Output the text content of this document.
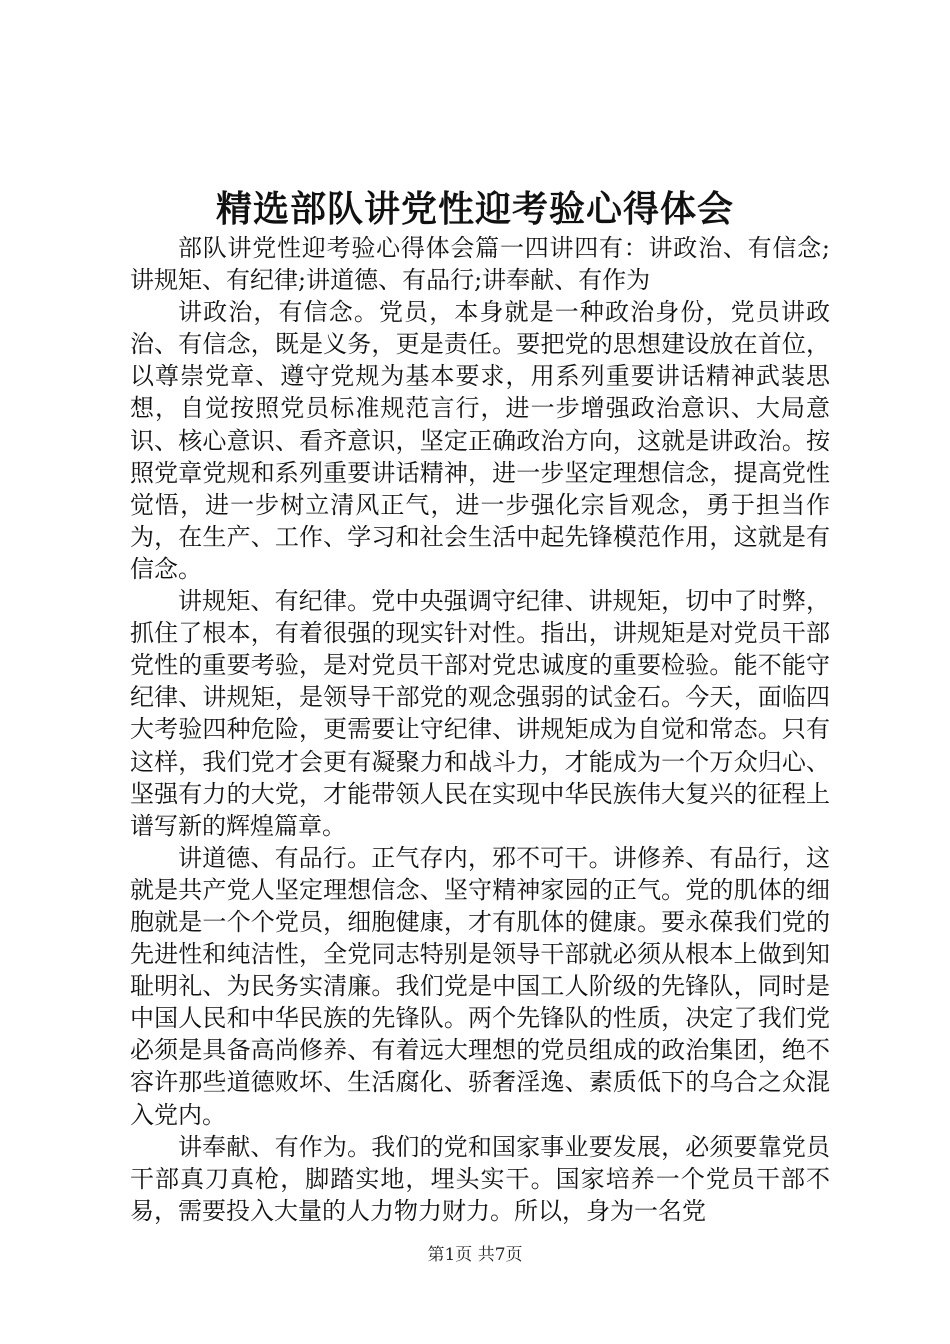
精选部队讲党性迎考验心得体会

部队讲党性迎考验心得体会篇一四讲四有：讲政治、有信念;讲规矩、有纪律;讲道德、有品行;讲奉献、有作为

讲政治，有信念。党员，本身就是一种政治身份，党员讲政治、有信念，既是义务，更是责任。要把党的思想建设放在首位，以尊崇党章、遵守党规为基本要求，用系列重要讲话精神武装思想，自觉按照党员标准规范言行，进一步增强政治意识、大局意识、核心意识、看齐意识，坚定正确政治方向，这就是讲政治。按照党章党规和系列重要讲话精神，进一步坚定理想信念，提高党性觉悟，进一步树立清风正气，进一步强化宗旨观念，勇于担当作为，在生产、工作、学习和社会生活中起先锋模范作用，这就是有信念。

讲规矩、有纪律。党中央强调守纪律、讲规矩，切中了时弊，抓住了根本，有着很强的现实针对性。指出，讲规矩是对党员干部党性的重要考验，是对党员干部对党忠诚度的重要检验。能不能守纪律、讲规矩，是领导干部党的观念强弱的试金石。今天，面临四大考验四种危险，更需要让守纪律、讲规矩成为自觉和常态。只有这样，我们党才会更有凝聚力和战斗力，才能成为一个万众归心、坚强有力的大党，才能带领人民在实现中华民族伟大复兴的征程上谱写新的辉煌篇章。

讲道德、有品行。正气存内，邪不可干。讲修养、有品行，这就是共产党人坚定理想信念、坚守精神家园的正气。党的肌体的细胞就是一个个党员，细胞健康，才有肌体的健康。要永葆我们党的先进性和纯洁性，全党同志特别是领导干部就必须从根本上做到知耻明礼、为民务实清廉。我们党是中国工人阶级的先锋队，同时是中国人民和中华民族的先锋队。两个先锋队的性质，决定了我们党必须是具备高尚修养、有着远大理想的党员组成的政治集团，绝不容许那些道德败坏、生活腐化、骄奢淫逸、素质低下的乌合之众混入党内。

讲奉献、有作为。我们的党和国家事业要发展，必须要靠党员干部真刀真枪，脚踏实地，埋头实干。国家培养一个党员干部不易，需要投入大量的人力物力财力。所以，身为一名党

第1页 共7页
